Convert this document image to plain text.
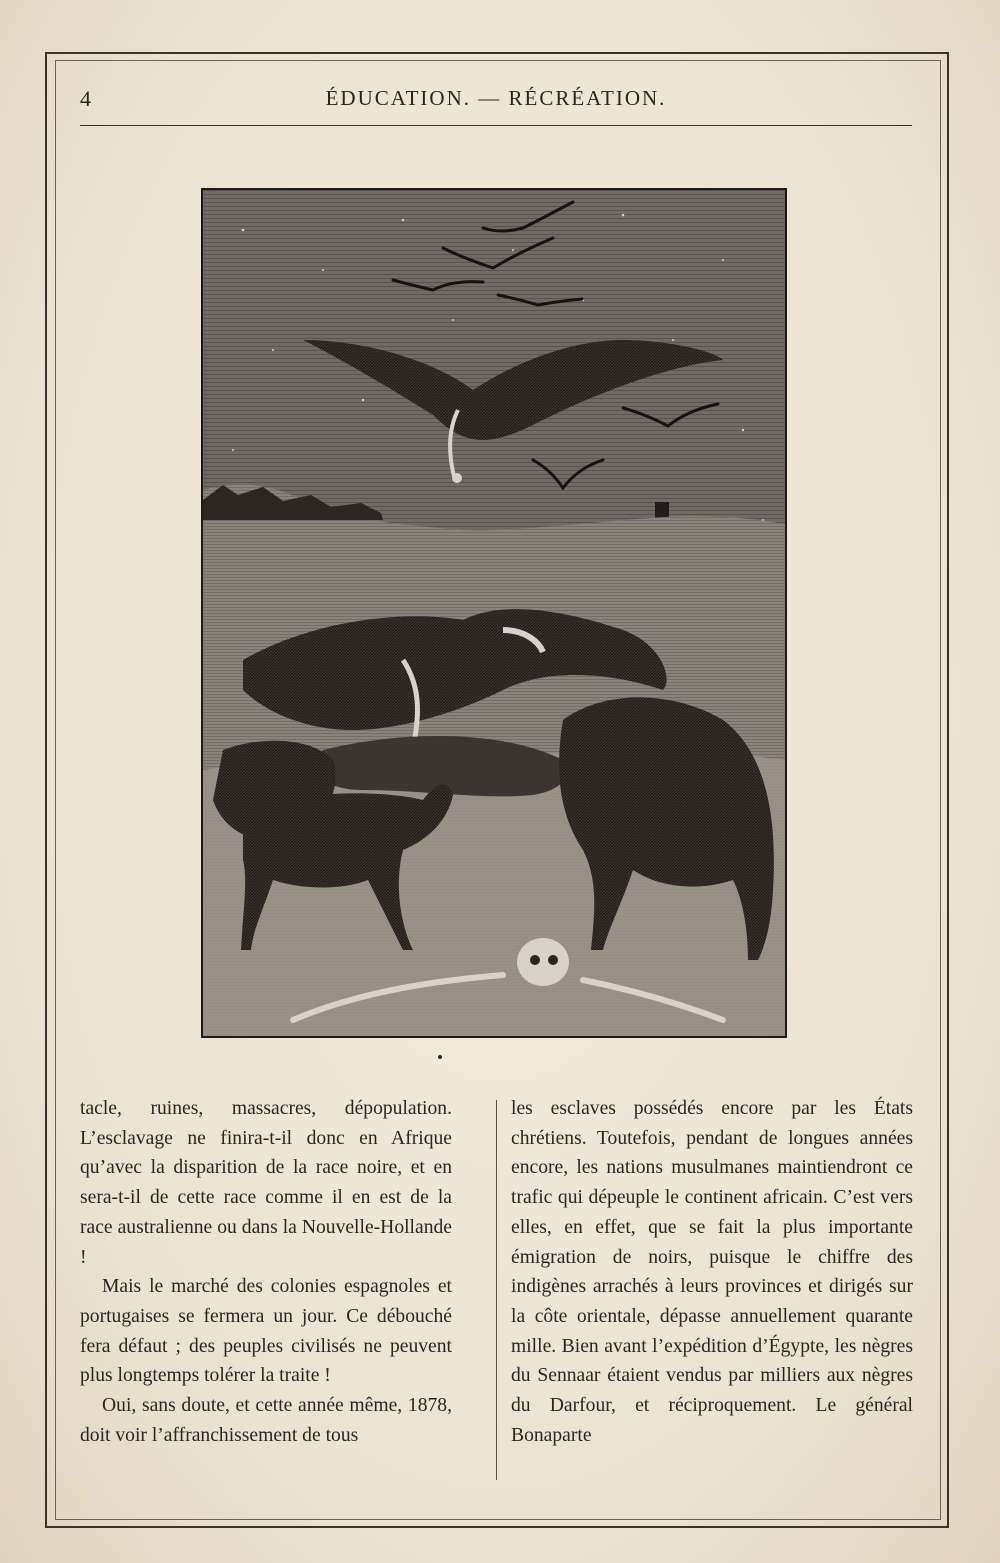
4	ÉDUCATION. — RÉCRÉATION.

tacle, ruines, massacres, dépopulation. L’esclavage ne finira-t-il donc en Afrique qu’avec la disparition de la race noire, et en sera-t-il de cette race comme il en est de la race australienne ou dans la Nouvelle-Hollande !

Mais le marché des colonies espagnoles et portugaises se fermera un jour. Ce débouché fera défaut ; des peuples civilisés ne peuvent plus longtemps tolérer la traite !

Oui, sans doute, et cette année même, 1878, doit voir l’affranchissement de tous

les esclaves possédés encore par les États chrétiens. Toutefois, pendant de longues années encore, les nations musulmanes maintiendront ce trafic qui dépeuple le continent africain. C’est vers elles, en effet, que se fait la plus importante émigration de noirs, puisque le chiffre des indigènes arrachés à leurs provinces et dirigés sur la côte orientale, dépasse annuellement quarante mille. Bien avant l’expédition d’Égypte, les nègres du Sennaar étaient vendus par milliers aux nègres du Darfour, et réciproquement. Le général Bonaparte
